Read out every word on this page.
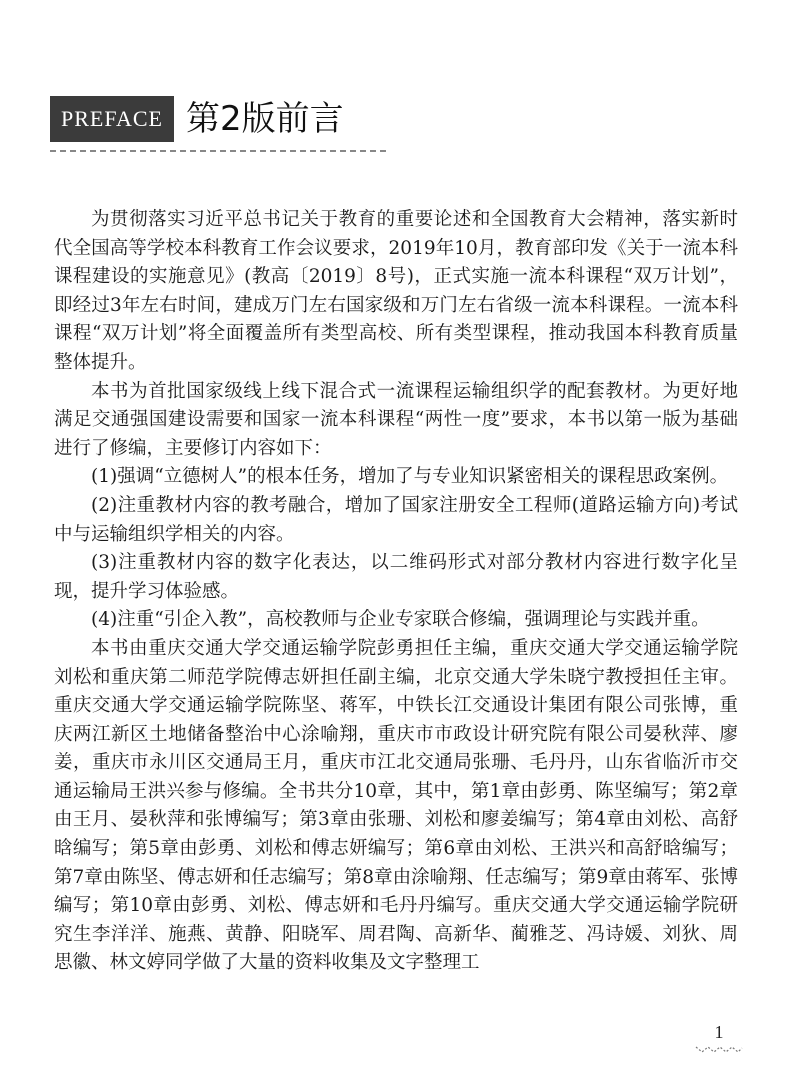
PREFACE 第2版前言

为贯彻落实习近平总书记关于教育的重要论述和全国教育大会精神，落实新时代全国高等学校本科教育工作会议要求，2019年10月，教育部印发《关于一流本科课程建设的实施意见》(教高〔2019〕8号)，正式实施一流本科课程“双万计划”，即经过3年左右时间，建成万门左右国家级和万门左右省级一流本科课程。一流本科课程“双万计划”将全面覆盖所有类型高校、所有类型课程，推动我国本科教育质量整体提升。

本书为首批国家级线上线下混合式一流课程运输组织学的配套教材。为更好地满足交通强国建设需要和国家一流本科课程“两性一度”要求，本书以第一版为基础进行了修编，主要修订内容如下：

(1)强调“立德树人”的根本任务，增加了与专业知识紧密相关的课程思政案例。

(2)注重教材内容的教考融合，增加了国家注册安全工程师(道路运输方向)考试中与运输组织学相关的内容。

(3)注重教材内容的数字化表达，以二维码形式对部分教材内容进行数字化呈现，提升学习体验感。

(4)注重“引企入教”，高校教师与企业专家联合修编，强调理论与实践并重。

本书由重庆交通大学交通运输学院彭勇担任主编，重庆交通大学交通运输学院刘松和重庆第二师范学院傅志妍担任副主编，北京交通大学朱晓宁教授担任主审。重庆交通大学交通运输学院陈坚、蒋军，中铁长江交通设计集团有限公司张博，重庆两江新区土地储备整治中心涂喻翔，重庆市市政设计研究院有限公司晏秋萍、廖姜，重庆市永川区交通局王月，重庆市江北交通局张珊、毛丹丹，山东省临沂市交通运输局王洪兴参与修编。全书共分10章，其中，第1章由彭勇、陈坚编写；第2章由王月、晏秋萍和张博编写；第3章由张珊、刘松和廖姜编写；第4章由刘松、高舒晗编写；第5章由彭勇、刘松和傅志妍编写；第6章由刘松、王洪兴和高舒晗编写；第7章由陈坚、傅志妍和任志编写；第8章由涂喻翔、任志编写；第9章由蒋军、张博编写；第10章由彭勇、刘松、傅志妍和毛丹丹编写。重庆交通大学交通运输学院研究生李洋洋、施燕、黄静、阳晓军、周君陶、高新华、蔺雅芝、冯诗媛、刘狄、周思徽、林文婷同学做了大量的资料收集及文字整理工

1
